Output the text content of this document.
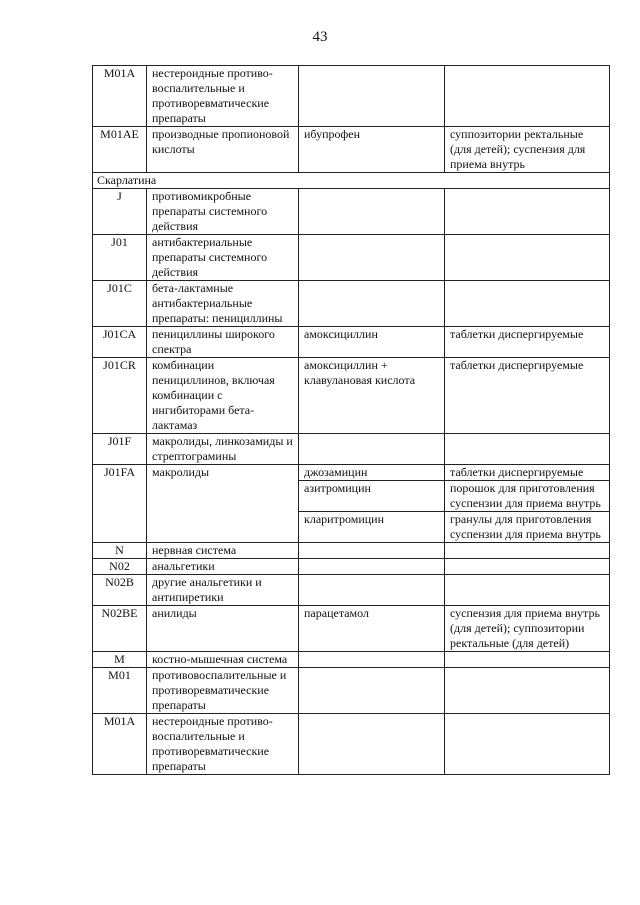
43
M01A	нестероидные противо-воспалительные и противоревматические препараты		
M01AE	производные пропионовой кислоты	ибупрофен	суппозитории ректальные (для детей); суспензия для приема внутрь
Скарлатина			
J	противомикробные препараты системного действия		
J01	антибактериальные препараты системного действия		
J01C	бета-лактамные антибактериальные препараты: пенициллины		
J01CA	пенициллины широкого спектра	амоксициллин	таблетки диспергируемые
J01CR	комбинации пенициллинов, включая комбинации с ингибиторами бета-лактамаз	амоксициллин + клавулановая кислота	таблетки диспергируемые
J01F	макролиды, линкозамиды и стрептограмины		
J01FA	макролиды	джозамицин	таблетки диспергируемые
		азитромицин	порошок для приготовления суспензии для приема внутрь
		кларитромицин	гранулы для приготовления суспензии для приема внутрь
N	нервная система		
N02	анальгетики		
N02B	другие анальгетики и антипиретики		
N02BE	анилиды	парацетамол	суспензия для приема внутрь (для детей); суппозитории ректальные (для детей)
M	костно-мышечная система		
M01	противовоспалительные и противоревматические препараты		
M01A	нестероидные противо-воспалительные и противоревматические препараты		
